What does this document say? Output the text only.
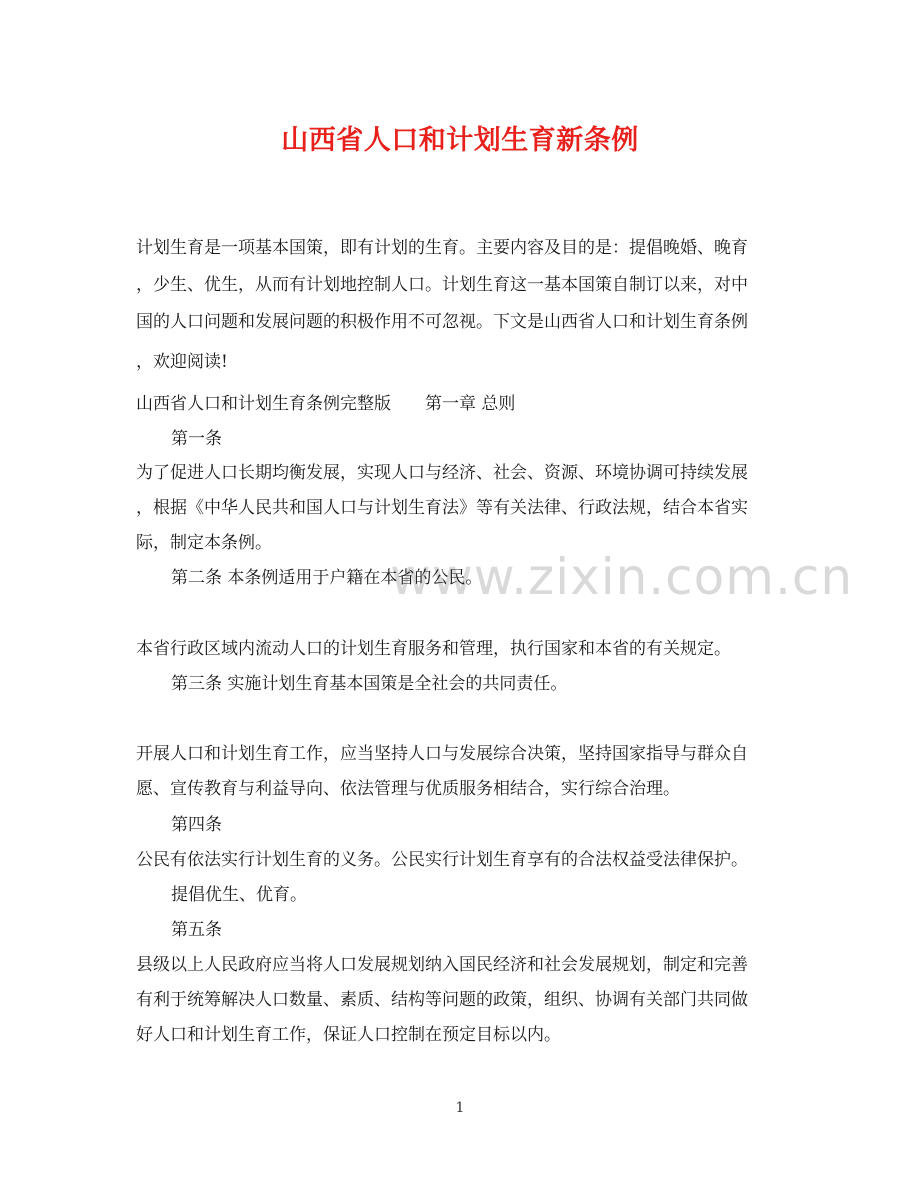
www.zixin.com.cn
山西省人口和计划生育新条例
计划生育是一项基本国策，即有计划的生育。主要内容及目的是：提倡晚婚、晚育
，少生、优生，从而有计划地控制人口。计划生育这一基本国策自制订以来，对中
国的人口问题和发展问题的积极作用不可忽视。下文是山西省人口和计划生育条例
，欢迎阅读!
山西省人口和计划生育条例完整版　　第一章 总则
第一条
为了促进人口长期均衡发展，实现人口与经济、社会、资源、环境协调可持续发展
，根据《中华人民共和国人口与计划生育法》等有关法律、行政法规，结合本省实
际，制定本条例。
第二条 本条例适用于户籍在本省的公民。
本省行政区域内流动人口的计划生育服务和管理，执行国家和本省的有关规定。
第三条 实施计划生育基本国策是全社会的共同责任。
开展人口和计划生育工作，应当坚持人口与发展综合决策，坚持国家指导与群众自
愿、宣传教育与利益导向、依法管理与优质服务相结合，实行综合治理。
第四条
公民有依法实行计划生育的义务。公民实行计划生育享有的合法权益受法律保护。
提倡优生、优育。
第五条
县级以上人民政府应当将人口发展规划纳入国民经济和社会发展规划，制定和完善
有利于统筹解决人口数量、素质、结构等问题的政策，组织、协调有关部门共同做
好人口和计划生育工作，保证人口控制在预定目标以内。
1
